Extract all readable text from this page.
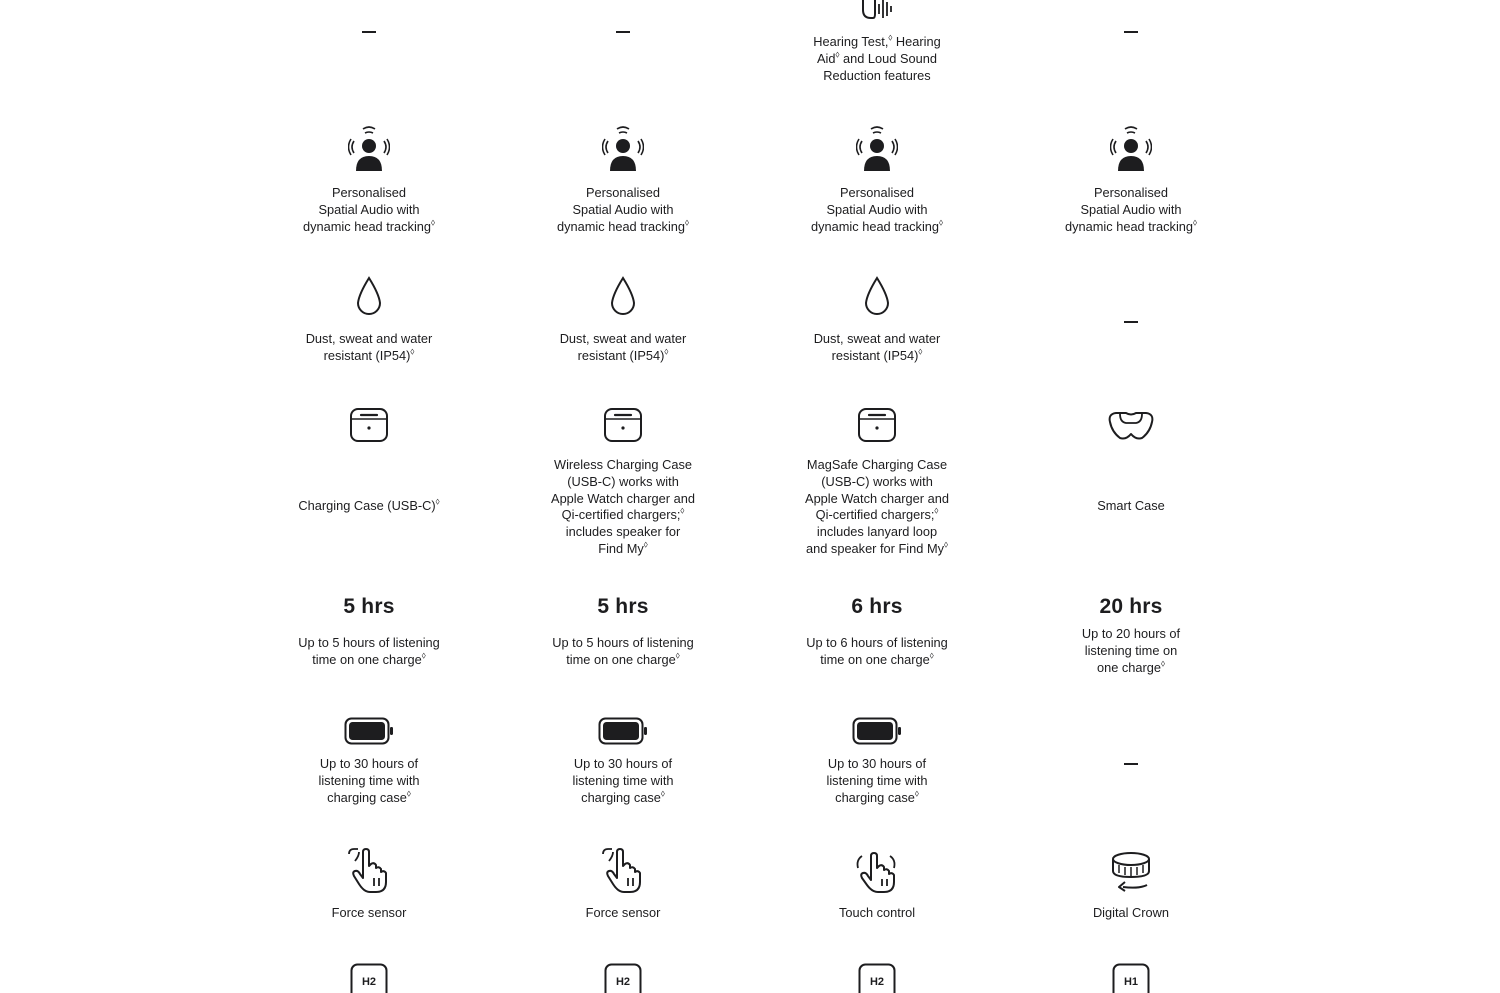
Personalised
Spatial Audio with
dynamic head tracking◊
Dust, sweat and water
resistant (IP54)◊
Charging Case (USB-C)◊
5 hrs
Up to 5 hours of listening
time on one charge◊
Up to 30 hours of
listening time with
charging case◊
Force sensor
H2
Personalised
Spatial Audio with
dynamic head tracking◊
Dust, sweat and water
resistant (IP54)◊
Wireless Charging Case
(USB-C) works with
Apple Watch charger and
Qi-certified chargers;◊
includes speaker for
Find My◊
5 hrs
Up to 5 hours of listening
time on one charge◊
Up to 30 hours of
listening time with
charging case◊
Force sensor
H2
Hearing Test,◊ Hearing
Aid◊ and Loud Sound
Reduction features
Personalised
Spatial Audio with
dynamic head tracking◊
Dust, sweat and water
resistant (IP54)◊
MagSafe Charging Case
(USB-C) works with
Apple Watch charger and
Qi-certified chargers;◊
includes lanyard loop
and speaker for Find My◊
6 hrs
Up to 6 hours of listening
time on one charge◊
Up to 30 hours of
listening time with
charging case◊
Touch control
H2
Personalised
Spatial Audio with
dynamic head tracking◊
Smart Case
20 hrs
Up to 20 hours of
listening time on
one charge◊
Digital Crown
H1
